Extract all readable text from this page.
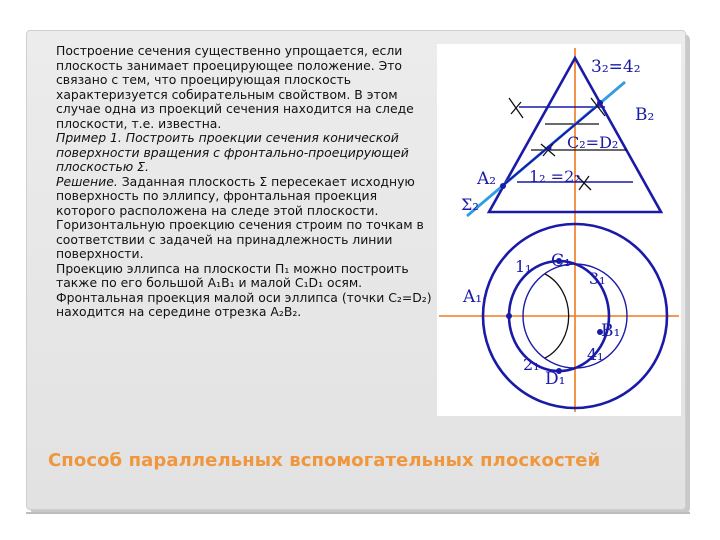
Построение сечения существенно упрощается, если плоскость занимает проецирующее положение. Это связано с тем, что проецирующая плоскость характеризуется собирательным свойством. В этом случае одна из проекций сечения находится на следе плоскости, т.е. известна.

Пример 1. Построить проекции сечения конической поверхности вращения с фронтально-проецирующей плоскостью Σ.

Решение. Заданная плоскость Σ пересекает исходную поверхность по эллипсу, фронтальная проекция которого расположена на следе этой плоскости. Горизонтальную проекцию сечения строим по точкам в соответствии с задачей на принадлежность линии поверхности.

Проекцию эллипса на плоскости П₁ можно построить также по его большой A₁B₁ и малой C₁D₁ осям. Фронтальная проекция малой оси эллипса (точки C₂=D₂) находится на середине отрезка A₂B₂.

3₂=4₂
B₂
C₂=D₂
A₂ 1₂ =2₂
Σ₂
C₁
1₁
3₁
A₁
B₁
4₁
2₁
D₁
Способ параллельных вспомогательных плоскостей
